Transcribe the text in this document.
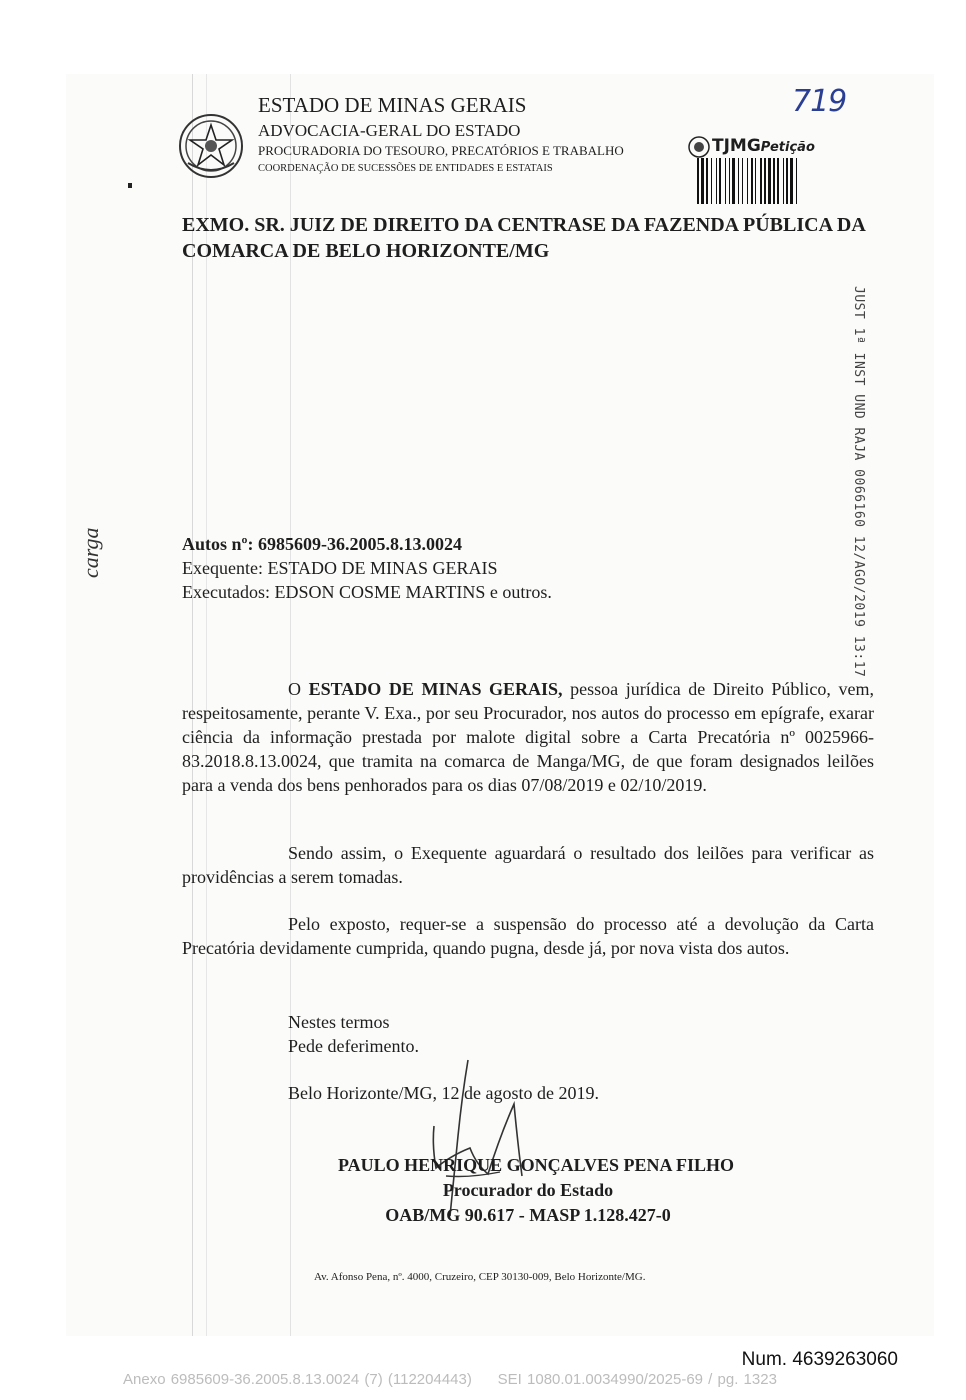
ESTADO DE MINAS GERAIS
ADVOCACIA-GERAL DO ESTADO
PROCURADORIA DO TESOURO, PRECATÓRIOS E TRABALHO
COORDENAÇÃO DE SUCESSÕES DE ENTIDADES E ESTATAIS
719
TJMGPetição
EXMO. SR. JUIZ DE DIREITO DA CENTRASE DA FAZENDA PÚBLICA DA COMARCA DE BELO HORIZONTE/MG
JUST 1ª INST UND RAJA 0066160 12/AGO/2019 13:17
Autos nº: 6985609-36.2005.8.13.0024
Exequente: ESTADO DE MINAS GERAIS
Executados: EDSON COSME MARTINS e outros.
carga
O ESTADO DE MINAS GERAIS, pessoa jurídica de Direito Público, vem, respeitosamente, perante V. Exa., por seu Procurador, nos autos do processo em epígrafe, exarar ciência da informação prestada por malote digital sobre a Carta Precatória nº 0025966-83.2018.8.13.0024, que tramita na comarca de Manga/MG, de que foram designados leilões para a venda dos bens penhorados para os dias 07/08/2019 e 02/10/2019.
Sendo assim, o Exequente aguardará o resultado dos leilões para verificar as providências a serem tomadas.
Pelo exposto, requer-se a suspensão do processo até a devolução da Carta Precatória devidamente cumprida, quando pugna, desde já, por nova vista dos autos.
Nestes termos
Pede deferimento.
Belo Horizonte/MG, 12 de agosto de 2019.
PAULO HENRIQUE GONÇALVES PENA FILHO
Procurador do Estado
OAB/MG 90.617 - MASP 1.128.427-0
Av. Afonso Pena, nº. 4000, Cruzeiro, CEP 30130-009, Belo Horizonte/MG.
Num. 4639263060
Anexo 6985609-36.2005.8.13.0024 (7) (112204443)     SEI 1080.01.0034990/2025-69 / pg. 1323
